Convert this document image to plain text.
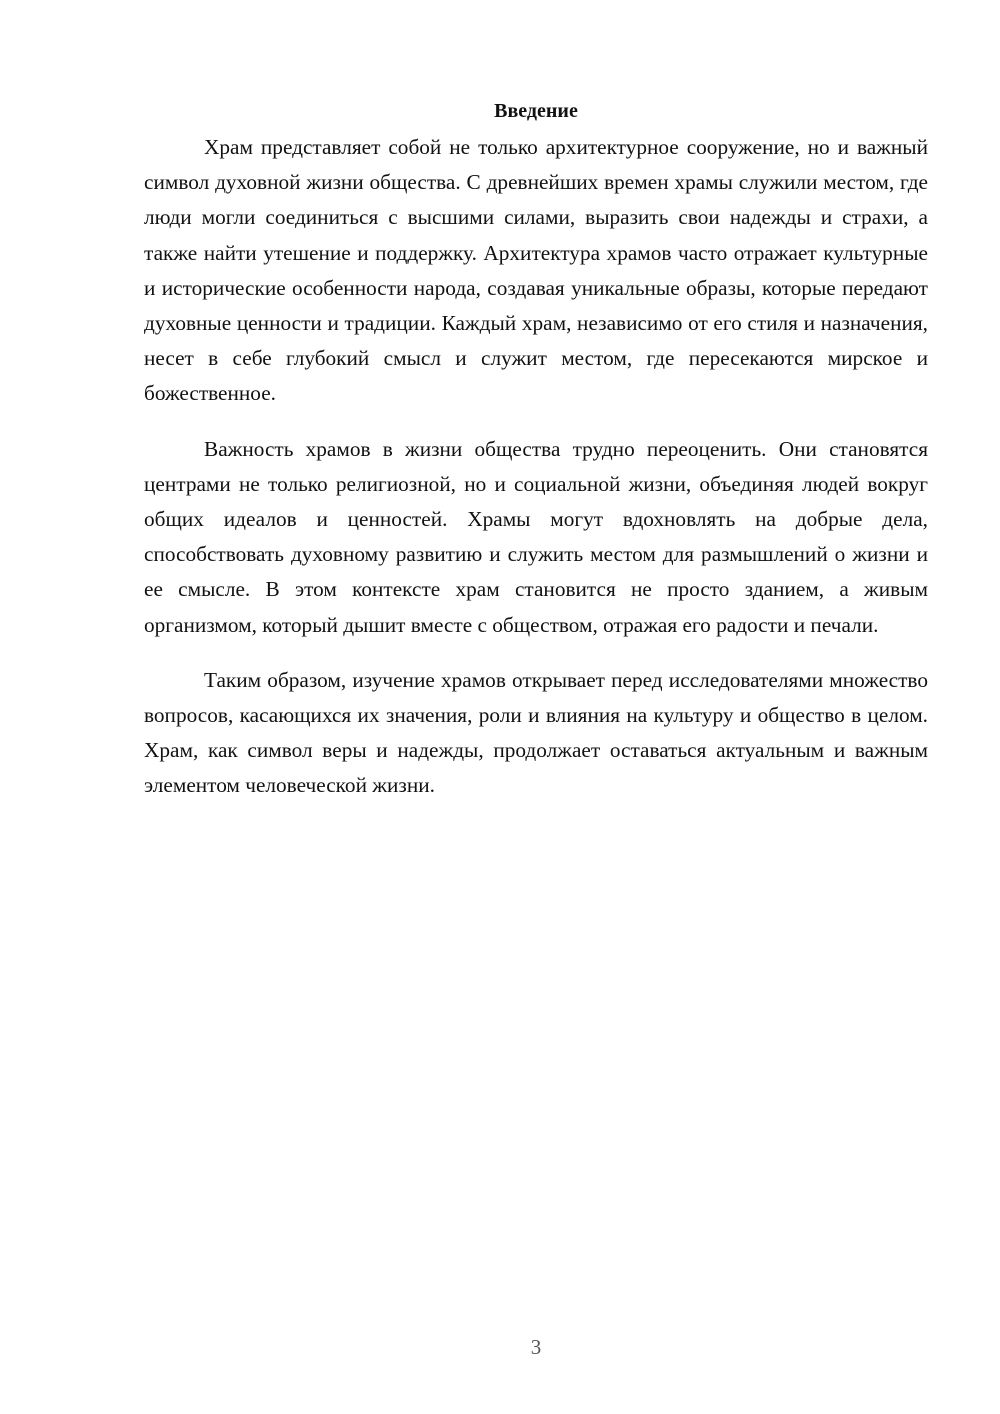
Введение

Храм представляет собой не только архитектурное сооружение, но и важный символ духовной жизни общества. С древнейших времен храмы служили местом, где люди могли соединиться с высшими силами, выразить свои надежды и страхи, а также найти утешение и поддержку. Архитектура храмов часто отражает культурные и исторические особенности народа, создавая уникальные образы, которые передают духовные ценности и традиции. Каждый храм, независимо от его стиля и назначения, несет в себе глубокий смысл и служит местом, где пересекаются мирское и божественное.

Важность храмов в жизни общества трудно переоценить. Они становятся центрами не только религиозной, но и социальной жизни, объединяя людей вокруг общих идеалов и ценностей. Храмы могут вдохновлять на добрые дела, способствовать духовному развитию и служить местом для размышлений о жизни и ее смысле. В этом контексте храм становится не просто зданием, а живым организмом, который дышит вместе с обществом, отражая его радости и печали.

Таким образом, изучение храмов открывает перед исследователями множество вопросов, касающихся их значения, роли и влияния на культуру и общество в целом. Храм, как символ веры и надежды, продолжает оставаться актуальным и важным элементом человеческой жизни.

3
